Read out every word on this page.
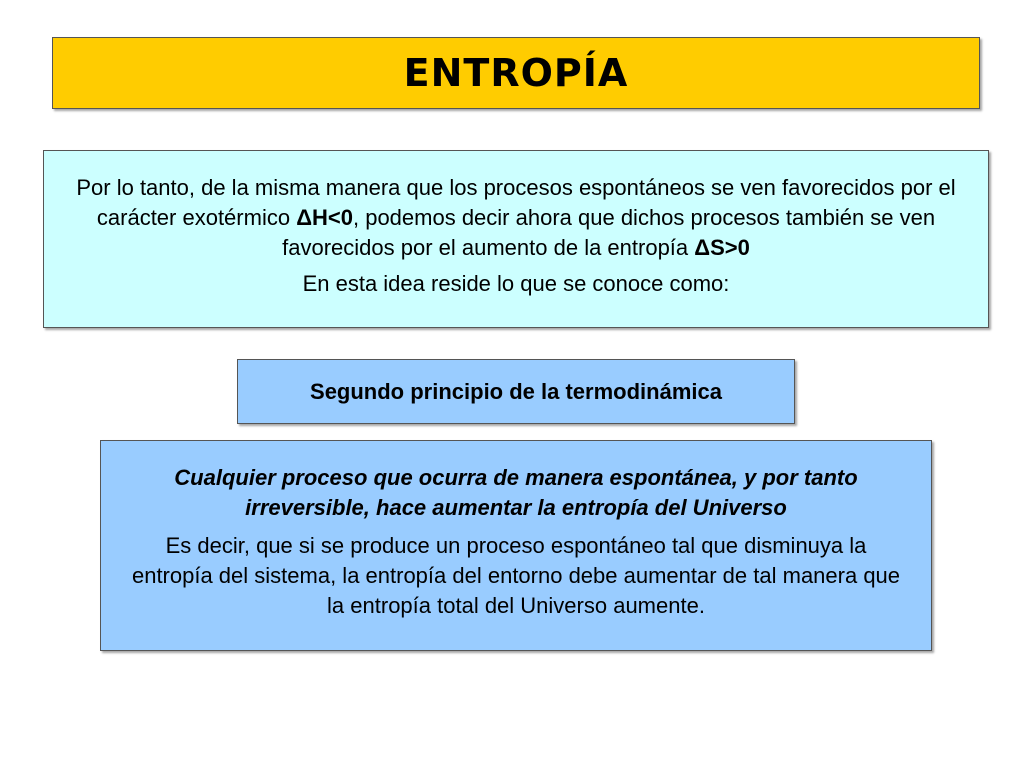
ENTROPÍA

Por lo tanto, de la misma manera que los procesos espontáneos se ven favorecidos por el carácter exotérmico ΔH<0, podemos decir ahora que dichos procesos también se ven favorecidos por el aumento de la entropía ΔS>0

En esta idea reside lo que se conoce como:

Segundo principio de la termodinámica

Cualquier proceso que ocurra de manera espontánea, y por tanto irreversible, hace aumentar la entropía del Universo

Es decir, que si se produce un proceso espontáneo tal que disminuya la entropía del sistema, la entropía del entorno debe aumentar de tal manera que la entropía total del Universo aumente.
